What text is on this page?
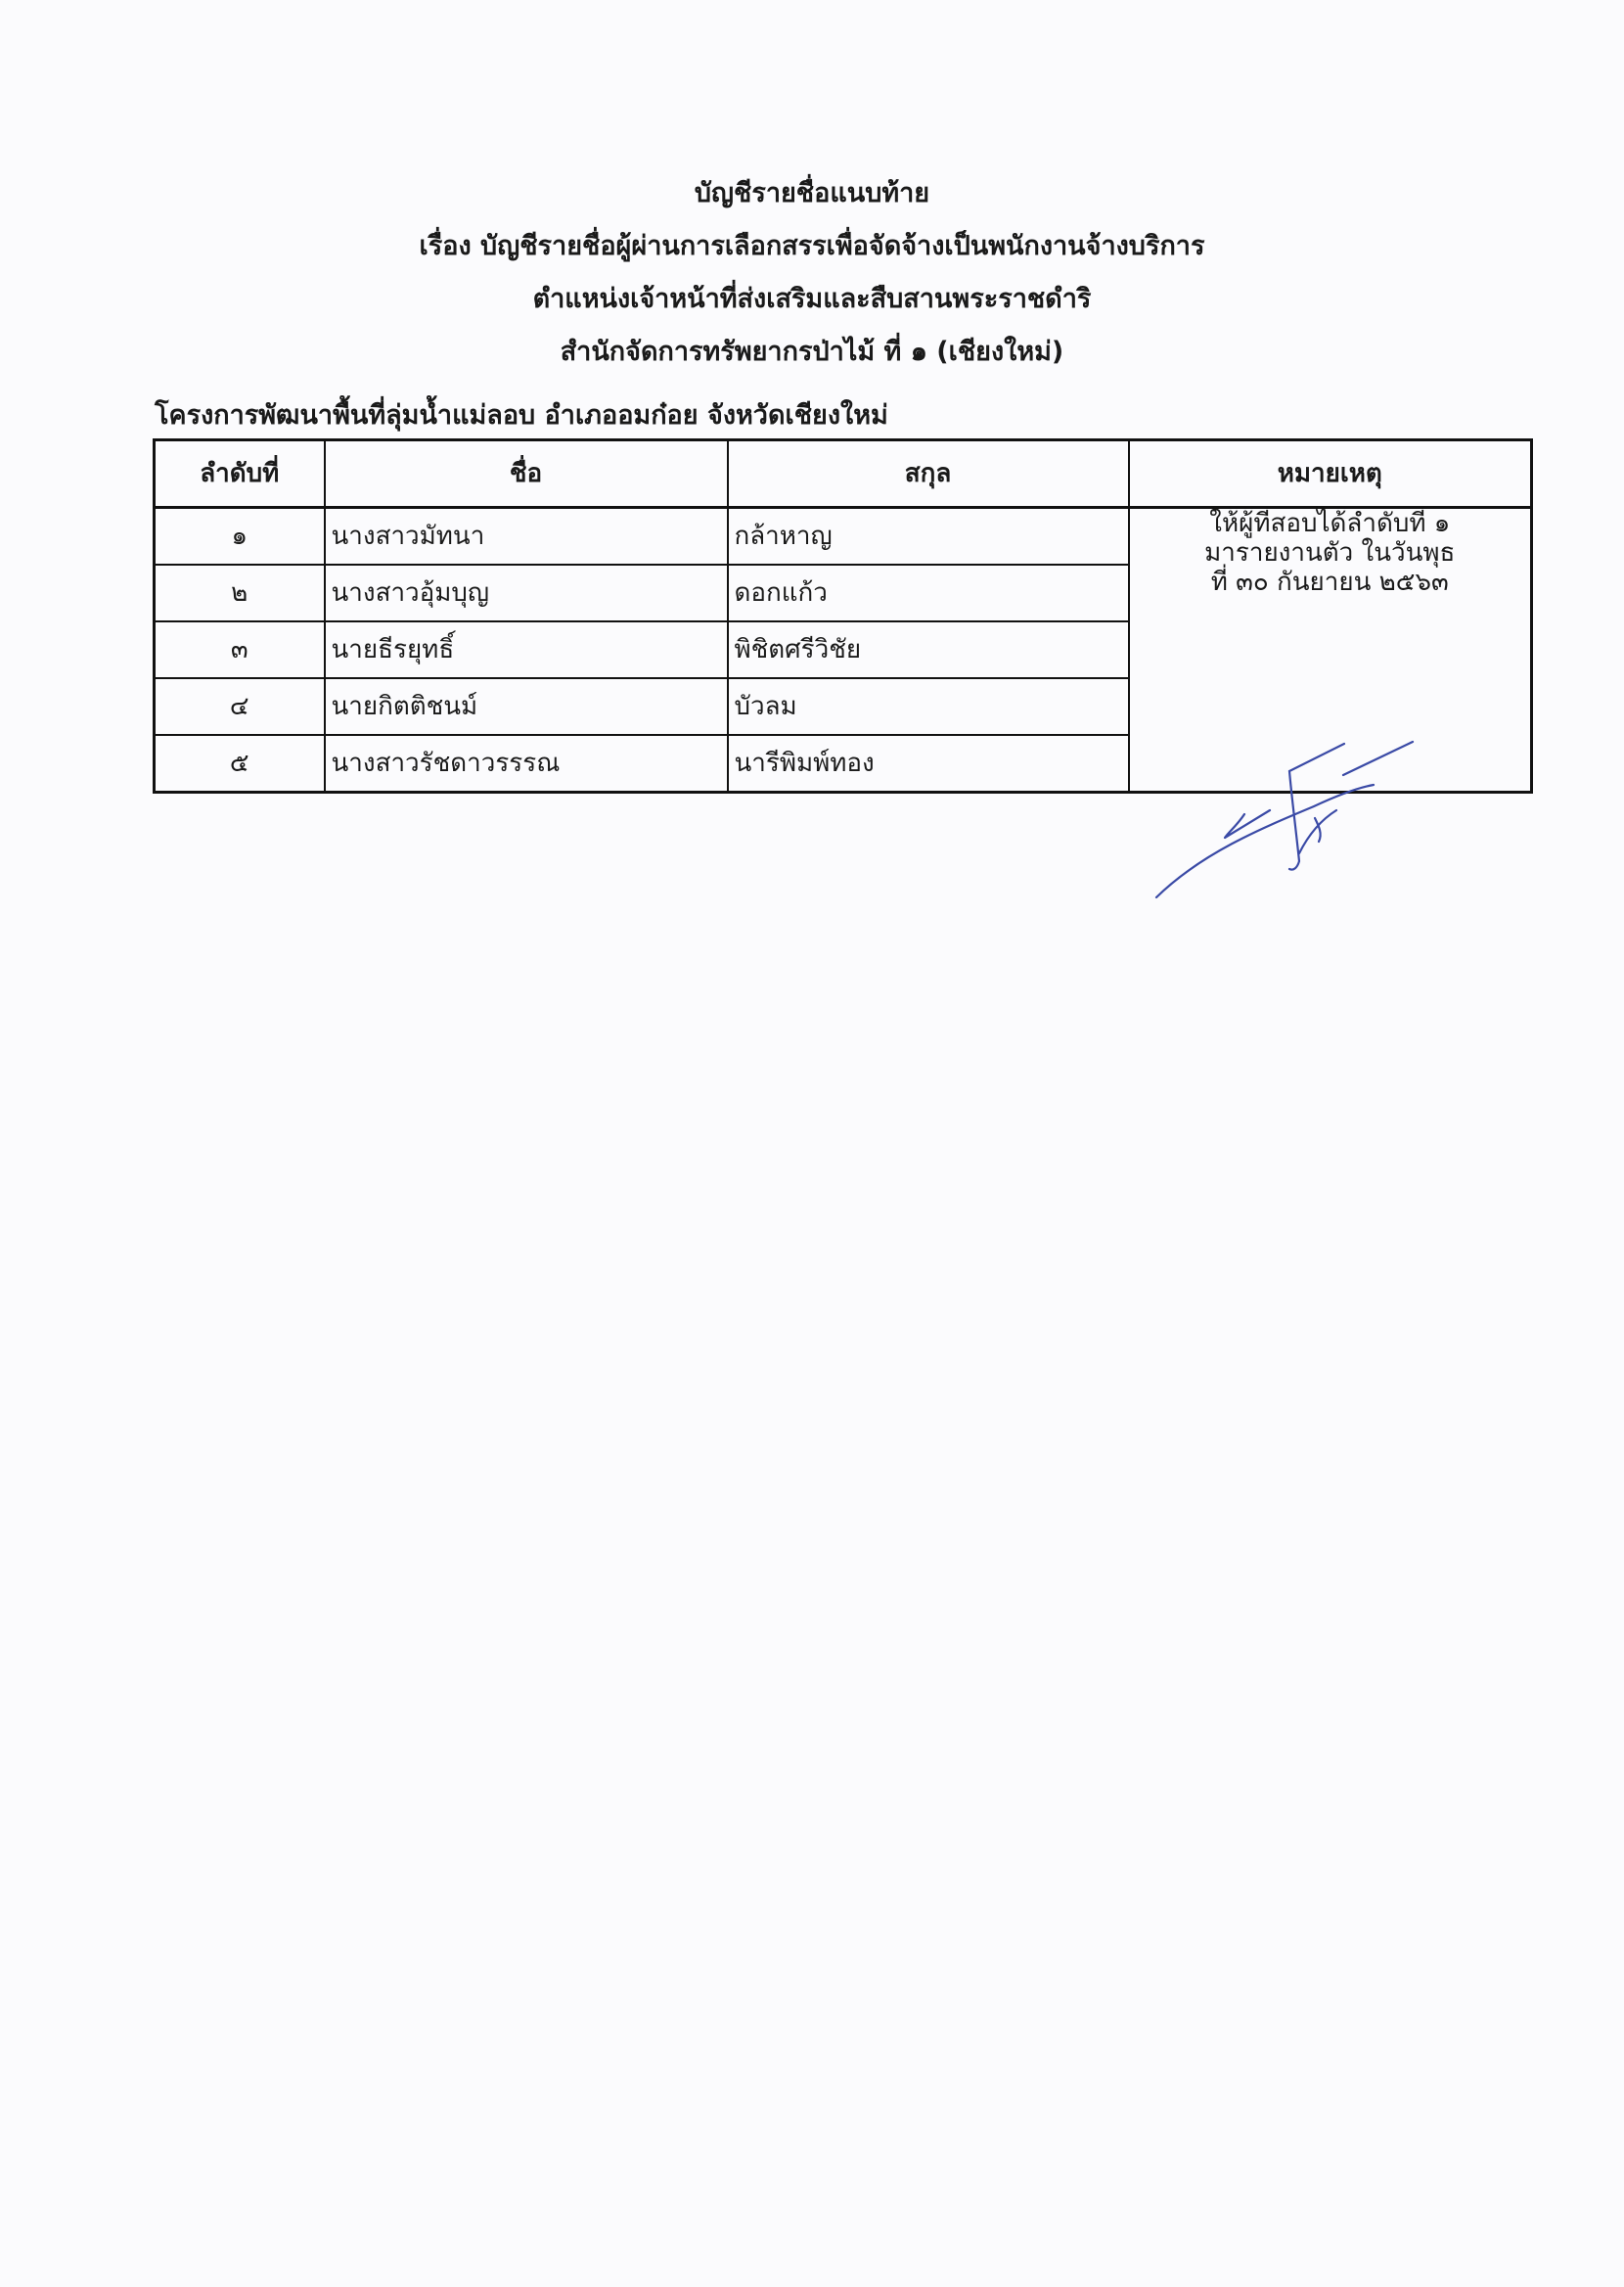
บัญชีรายชื่อแนบท้าย
เรื่อง บัญชีรายชื่อผู้ผ่านการเลือกสรรเพื่อจัดจ้างเป็นพนักงานจ้างบริการ
ตำแหน่งเจ้าหน้าที่ส่งเสริมและสืบสานพระราชดำริ
สำนักจัดการทรัพยากรป่าไม้ ที่ ๑ (เชียงใหม่)
โครงการพัฒนาพื้นที่ลุ่มน้ำแม่ลอบ อำเภออมก๋อย จังหวัดเชียงใหม่
ลำดับที่	ชื่อ	สกุล	หมายเหตุ
๑	นางสาวมัทนา	กล้าหาญ	ให้ผู้ที่สอบได้ลำดับที่ ๑
มารายงานตัว ในวันพุธ
ที่ ๓๐ กันยายน ๒๕๖๓

๒	นางสาวอุ้มบุญ	ดอกแก้ว	
๓	นายธีรยุทธิ์	พิชิตศรีวิชัย	
๔	นายกิตติชนม์	บัวลม	
๕	นางสาวรัชดาวรรรณ	นารีพิมพ์ทอง	
